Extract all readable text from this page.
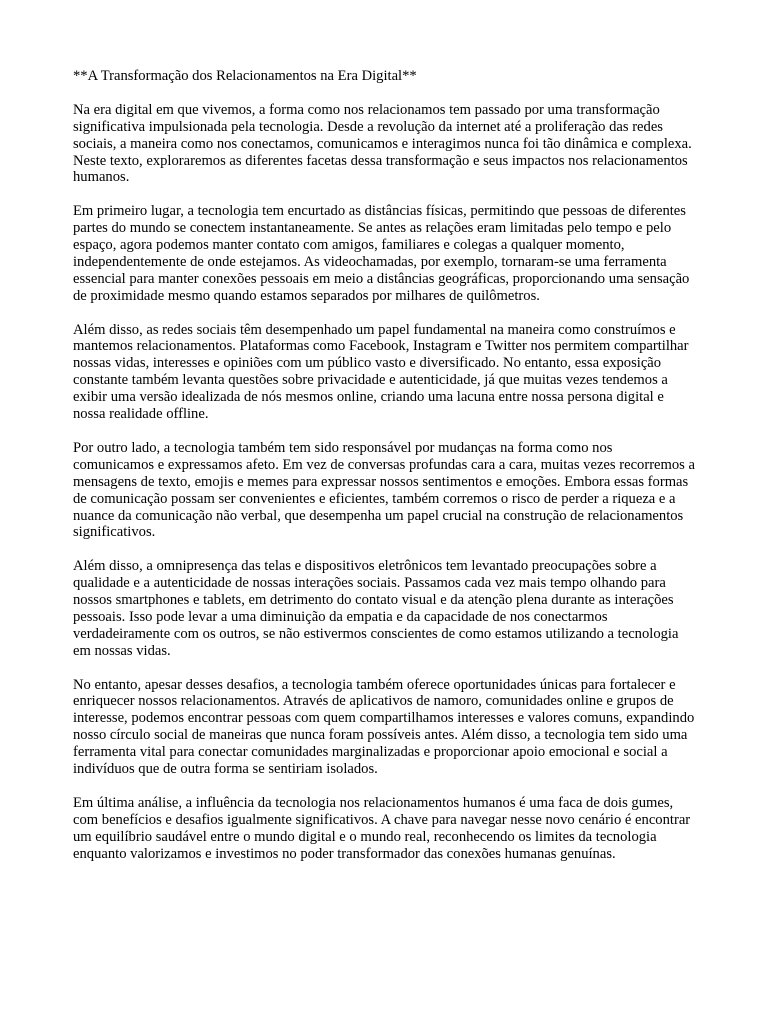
**A Transformação dos Relacionamentos na Era Digital**

Na era digital em que vivemos, a forma como nos relacionamos tem passado por uma transformação significativa impulsionada pela tecnologia. Desde a revolução da internet até a proliferação das redes sociais, a maneira como nos conectamos, comunicamos e interagimos nunca foi tão dinâmica e complexa. Neste texto, exploraremos as diferentes facetas dessa transformação e seus impactos nos relacionamentos humanos.

Em primeiro lugar, a tecnologia tem encurtado as distâncias físicas, permitindo que pessoas de diferentes partes do mundo se conectem instantaneamente. Se antes as relações eram limitadas pelo tempo e pelo espaço, agora podemos manter contato com amigos, familiares e colegas a qualquer momento, independentemente de onde estejamos. As videochamadas, por exemplo, tornaram-se uma ferramenta essencial para manter conexões pessoais em meio a distâncias geográficas, proporcionando uma sensação de proximidade mesmo quando estamos separados por milhares de quilômetros.

Além disso, as redes sociais têm desempenhado um papel fundamental na maneira como construímos e mantemos relacionamentos. Plataformas como Facebook, Instagram e Twitter nos permitem compartilhar nossas vidas, interesses e opiniões com um público vasto e diversificado. No entanto, essa exposição constante também levanta questões sobre privacidade e autenticidade, já que muitas vezes tendemos a exibir uma versão idealizada de nós mesmos online, criando uma lacuna entre nossa persona digital e nossa realidade offline.

Por outro lado, a tecnologia também tem sido responsável por mudanças na forma como nos comunicamos e expressamos afeto. Em vez de conversas profundas cara a cara, muitas vezes recorremos a mensagens de texto, emojis e memes para expressar nossos sentimentos e emoções. Embora essas formas de comunicação possam ser convenientes e eficientes, também corremos o risco de perder a riqueza e a nuance da comunicação não verbal, que desempenha um papel crucial na construção de relacionamentos significativos.

Além disso, a omnipresença das telas e dispositivos eletrônicos tem levantado preocupações sobre a qualidade e a autenticidade de nossas interações sociais. Passamos cada vez mais tempo olhando para nossos smartphones e tablets, em detrimento do contato visual e da atenção plena durante as interações pessoais. Isso pode levar a uma diminuição da empatia e da capacidade de nos conectarmos verdadeiramente com os outros, se não estivermos conscientes de como estamos utilizando a tecnologia em nossas vidas.

No entanto, apesar desses desafios, a tecnologia também oferece oportunidades únicas para fortalecer e enriquecer nossos relacionamentos. Através de aplicativos de namoro, comunidades online e grupos de interesse, podemos encontrar pessoas com quem compartilhamos interesses e valores comuns, expandindo nosso círculo social de maneiras que nunca foram possíveis antes. Além disso, a tecnologia tem sido uma ferramenta vital para conectar comunidades marginalizadas e proporcionar apoio emocional e social a indivíduos que de outra forma se sentiriam isolados.

Em última análise, a influência da tecnologia nos relacionamentos humanos é uma faca de dois gumes, com benefícios e desafios igualmente significativos. A chave para navegar nesse novo cenário é encontrar um equilíbrio saudável entre o mundo digital e o mundo real, reconhecendo os limites da tecnologia enquanto valorizamos e investimos no poder transformador das conexões humanas genuínas.
